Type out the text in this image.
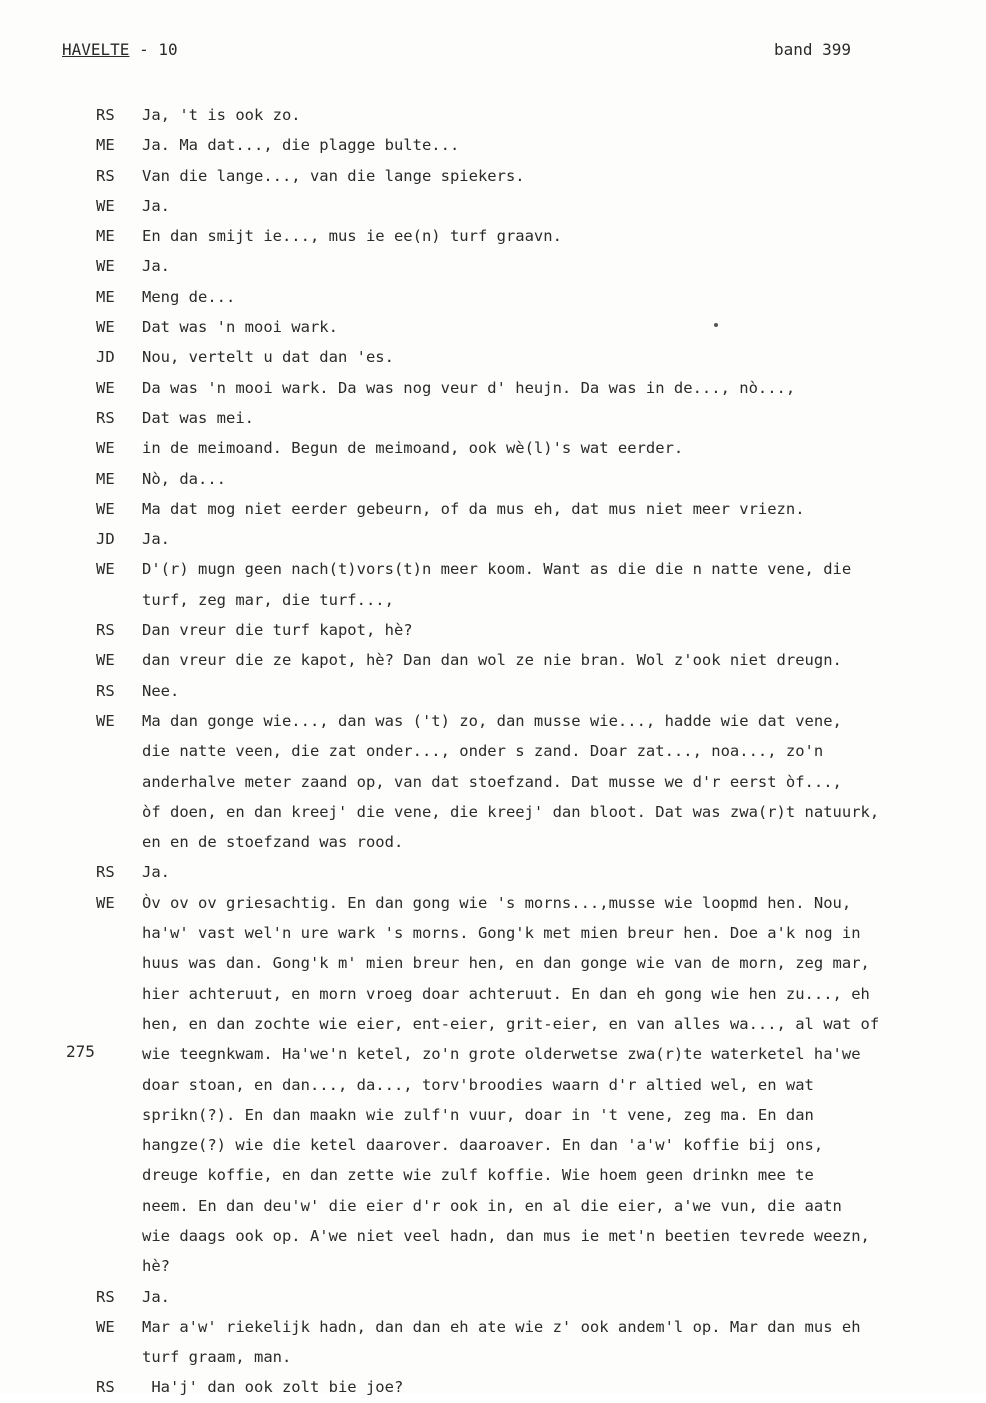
HAVELTE - 10	band 399
RS	Ja, 't is ook zo.
ME	Ja. Ma dat..., die plagge bulte...
RS	Van die lange..., van die lange spiekers.
WE	Ja.
ME	En dan smijt ie..., mus ie ee(n) turf graavn.
WE	Ja.
ME	Meng de...
WE	Dat was 'n mooi wark.
JD	Nou, vertelt u dat dan 'es.
WE	Da was 'n mooi wark. Da was nog veur d' heujn. Da was in de..., nò...,
RS	Dat was mei.
WE	in de meimoand. Begun de meimoand, ook wè(l)'s wat eerder.
ME	Nò, da...
WE	Ma dat mog niet eerder gebeurn, of da mus eh, dat mus niet meer vriezn.
JD	Ja.
WE	D'(r) mugn geen nach(t)vors(t)n meer koom. Want as die die n natte vene, die
turf, zeg mar, die turf...,
RS	Dan vreur die turf kapot, hè?
WE	dan vreur die ze kapot, hè? Dan dan wol ze nie bran. Wol z'ook niet dreugn.
RS	Nee.
WE	Ma dan gonge wie..., dan was ('t) zo, dan musse wie..., hadde wie dat vene,
die natte veen, die zat onder..., onder s zand. Doar zat..., noa..., zo'n
anderhalve meter zaand op, van dat stoefzand. Dat musse we d'r eerst òf...,
òf doen, en dan kreej' die vene, die kreej' dan bloot. Dat was zwa(r)t natuurk,
en en de stoefzand was rood.
RS	Ja.
WE	Òv ov ov griesachtig. En dan gong wie 's morns...,musse wie loopmd hen. Nou,
ha'w' vast wel'n ure wark 's morns. Gong'k met mien breur hen. Doe a'k nog in
huus was dan. Gong'k m' mien breur hen, en dan gonge wie van de morn, zeg mar,
hier achteruut, en morn vroeg doar achteruut. En dan eh gong wie hen zu..., eh
hen, en dan zochte wie eier, ent-eier, grit-eier, en van alles wa..., al wat of
wie teegnkwam. Ha'we'n ketel, zo'n grote olderwetse zwa(r)te waterketel ha'we
doar stoan, en dan..., da..., torv'broodies waarn d'r altied wel, en wat
sprikn(?). En dan maakn wie zulf'n vuur, doar in 't vene, zeg ma. En dan
hangze(?) wie die ketel daarover. daaroaver. En dan 'a'w' koffie bij ons,
dreuge koffie, en dan zette wie zulf koffie. Wie hoem geen drinkn mee te
neem. En dan deu'w' die eier d'r ook in, en al die eier, a'we vun, die aatn
wie daags ook op. A'we niet veel hadn, dan mus ie met'n beetien tevrede weezn,
hè?
RS	Ja.
WE	Mar a'w' riekelijk hadn, dan dan eh ate wie z' ook andem'l op. Mar dan mus eh
turf graam, man.
RS	Ha'j' dan ook zolt bie joe?
275
